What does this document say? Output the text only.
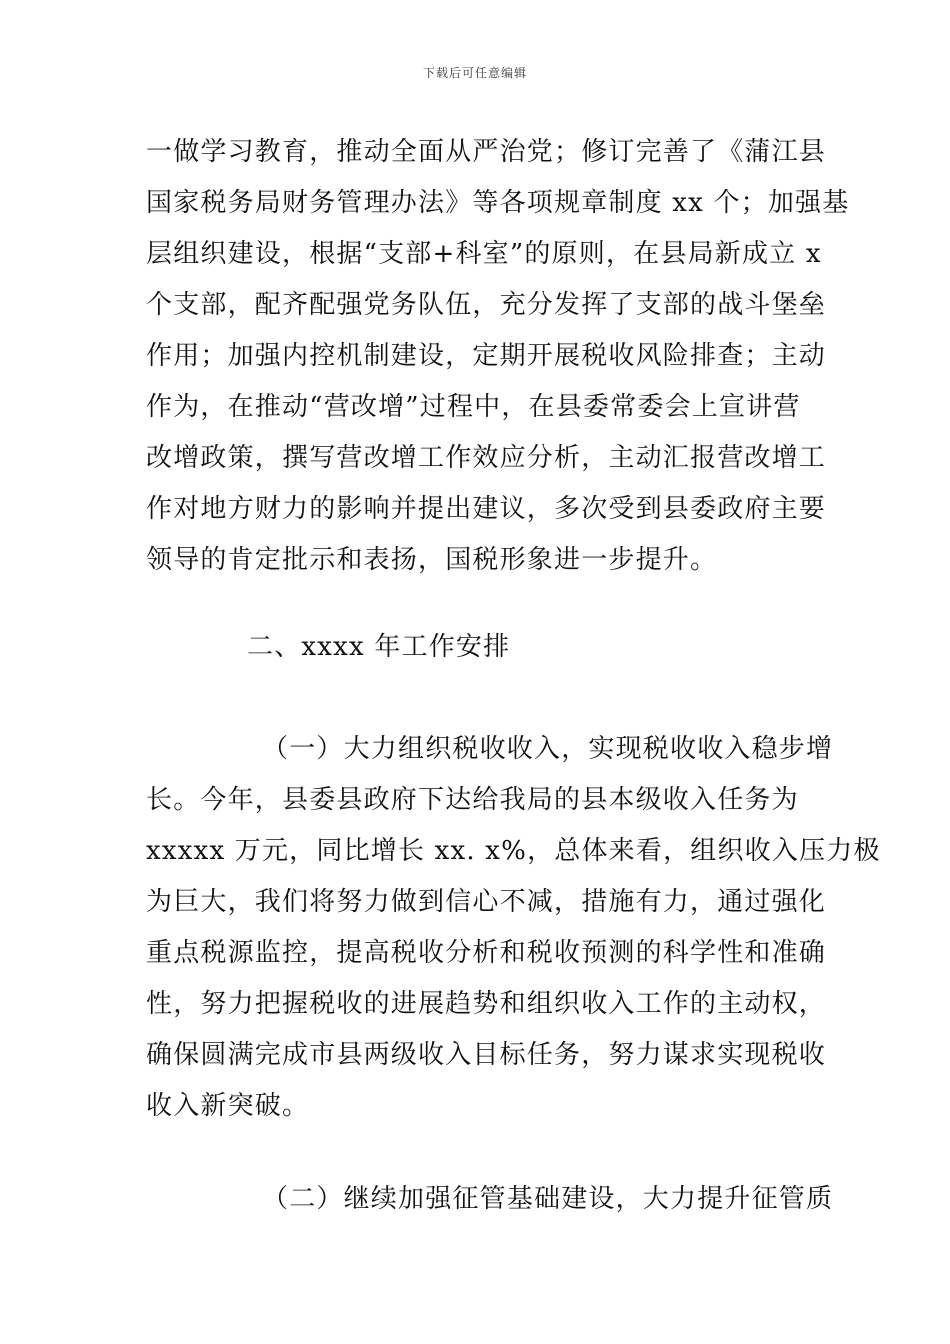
下载后可任意编辑
一做学习教育，推动全面从严治党；修订完善了《蒲江县
国家税务局财务管理办法》等各项规章制度 xx 个；加强基
层组织建设，根据“支部+科室”的原则，在县局新成立 x
个支部，配齐配强党务队伍，充分发挥了支部的战斗堡垒
作用；加强内控机制建设，定期开展税收风险排查；主动
作为，在推动“营改增”过程中，在县委常委会上宣讲营
改增政策，撰写营改增工作效应分析，主动汇报营改增工
作对地方财力的影响并提出建议，多次受到县委政府主要
领导的肯定批示和表扬，国税形象进一步提升。
二、xxxx 年工作安排
（一）大力组织税收收入，实现税收收入稳步增
长。今年，县委县政府下达给我局的县本级收入任务为
xxxxx 万元，同比增长 xx. x%，总体来看，组织收入压力极
为巨大，我们将努力做到信心不减，措施有力，通过强化
重点税源监控，提高税收分析和税收预测的科学性和准确
性，努力把握税收的进展趋势和组织收入工作的主动权，
确保圆满完成市县两级收入目标任务，努力谋求实现税收
收入新突破。
（二）继续加强征管基础建设，大力提升征管质
